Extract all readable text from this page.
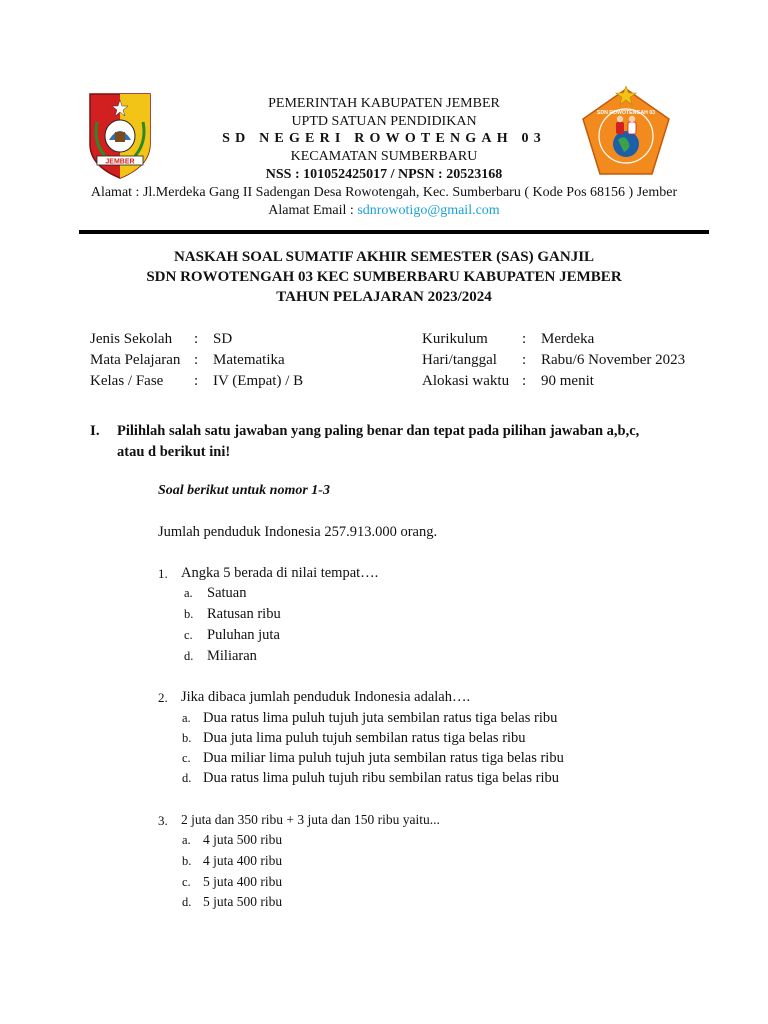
JEMBER
SDN ROWOTENGAH 03
PEMERINTAH KABUPATEN JEMBER
UPTD SATUAN PENDIDIKAN
SD NEGERI ROWOTENGAH 03
KECAMATAN SUMBERBARU
NSS : 101052425017 / NPSN : 20523168
Alamat : Jl.Merdeka Gang II Sadengan Desa Rowotengah, Kec. Sumberbaru ( Kode Pos 68156 ) Jember
Alamat Email : sdnrowotigo@gmail.com
NASKAH SOAL SUMATIF AKHIR SEMESTER (SAS) GANJIL
SDN ROWOTENGAH 03 KEC SUMBERBARU KABUPATEN JEMBER
TAHUN PELAJARAN 2023/2024
Jenis Sekolah : SD
Mata Pelajaran : Matematika
Kelas / Fase : IV (Empat) / B
Kurikulum : Merdeka
Hari/tanggal : Rabu/6 November 2023
Alokasi waktu : 90 menit
I. Pilihlah salah satu jawaban yang paling benar dan tepat pada pilihan jawaban a,b,c,
atau d berikut ini!
Soal berikut untuk nomor 1-3
Jumlah penduduk Indonesia 257.913.000 orang.
1. Angka 5 berada di nilai tempat….
a. Satuan
b. Ratusan ribu
c. Puluhan juta
d. Miliaran
2. Jika dibaca jumlah penduduk Indonesia adalah….
a. Dua ratus lima puluh tujuh juta sembilan ratus tiga belas ribu
b. Dua juta lima puluh tujuh sembilan ratus tiga belas ribu
c. Dua miliar lima puluh tujuh juta sembilan ratus tiga belas ribu
d. Dua ratus lima puluh tujuh ribu sembilan ratus tiga belas ribu
3. 2 juta dan 350 ribu + 3 juta dan 150 ribu yaitu...
a. 4 juta 500 ribu
b. 4 juta 400 ribu
c. 5 juta 400 ribu
d. 5 juta 500 ribu
